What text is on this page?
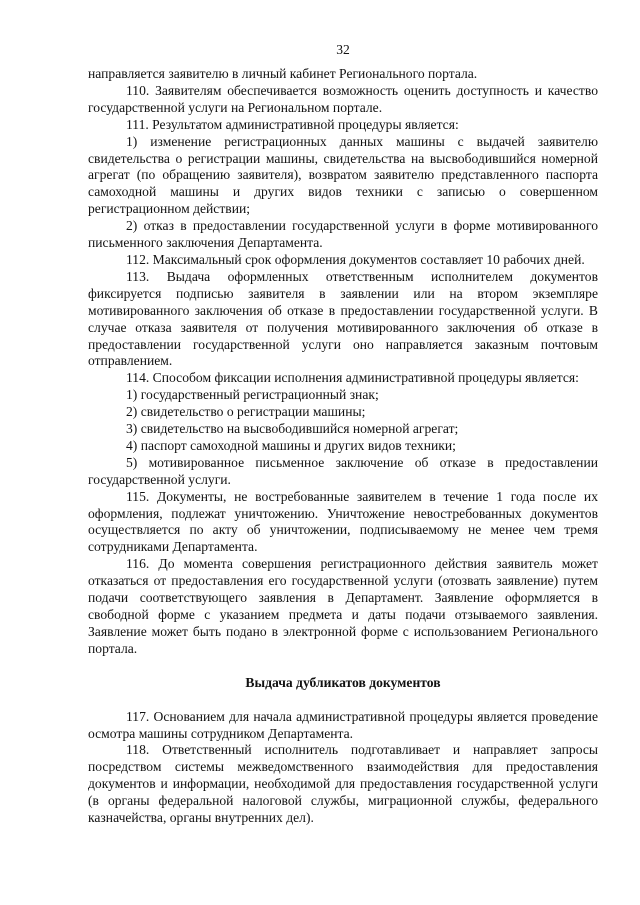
32

направляется заявителю в личный кабинет Регионального портала.

110. Заявителям обеспечивается возможность оценить доступность и качество государственной услуги на Региональном портале.

111. Результатом административной процедуры является:

1) изменение регистрационных данных машины с выдачей заявителю свидетельства о регистрации машины, свидетельства на высвободившийся номерной агрегат (по обращению заявителя), возвратом заявителю представленного паспорта самоходной машины и других видов техники с записью о совершенном регистрационном действии;

2) отказ в предоставлении государственной услуги в форме мотивированного письменного заключения Департамента.

112. Максимальный срок оформления документов составляет 10 рабочих дней.

113. Выдача оформленных ответственным исполнителем документов фиксируется подписью заявителя в заявлении или на втором экземпляре мотивированного заключения об отказе в предоставлении государственной услуги. В случае отказа заявителя от получения мотивированного заключения об отказе в предоставлении государственной услуги оно направляется заказным почтовым отправлением.

114. Способом фиксации исполнения административной процедуры является:

1) государственный регистрационный знак;

2) свидетельство о регистрации машины;

3) свидетельство на высвободившийся номерной агрегат;

4) паспорт самоходной машины и других видов техники;

5) мотивированное письменное заключение об отказе в предоставлении государственной услуги.

115. Документы, не востребованные заявителем в течение 1 года после их оформления, подлежат уничтожению. Уничтожение невостребованных документов осуществляется по акту об уничтожении, подписываемому не менее чем тремя сотрудниками Департамента.

116. До момента совершения регистрационного действия заявитель может отказаться от предоставления его государственной услуги (отозвать заявление) путем подачи соответствующего заявления в Департамент. Заявление оформляется в свободной форме с указанием предмета и даты подачи отзываемого заявления. Заявление может быть подано в электронной форме с использованием Регионального портала.

Выдача дубликатов документов

117. Основанием для начала административной процедуры является проведение осмотра машины сотрудником Департамента.

118. Ответственный исполнитель подготавливает и направляет запросы посредством системы межведомственного взаимодействия для предоставления документов и информации, необходимой для предоставления государственной услуги (в органы федеральной налоговой службы, миграционной службы, федерального казначейства, органы внутренних дел).
